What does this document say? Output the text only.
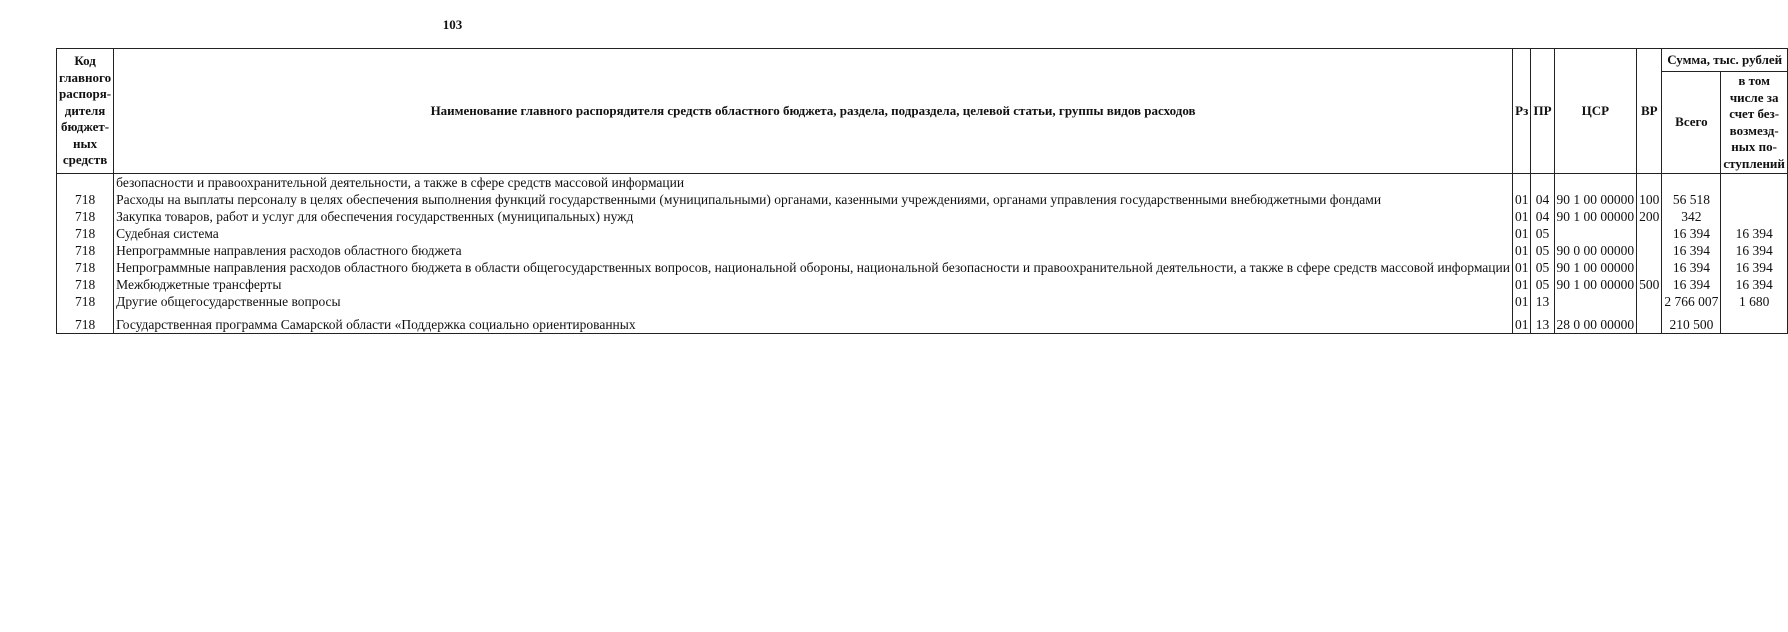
103
Код главного распоря-дителя бюджет-ных средств	Наименование главного распорядителя средств областного бюджета, раздела, подраздела, целевой статьи, группы видов расходов	Рз	ПР	ЦСР	ВР	Сумма, тыс. рублей	
						Всего	в том числе за счет без-возмезд-ных по-ступлений
	безопасности и правоохранительной деятельности, а также в сфере средств массовой информации						
718	Расходы на выплаты персоналу в целях обеспечения выполнения функций государственными (муниципальными) органами, казенными учреждениями, органами управления государственными внебюджетными фондами	01	04	90 1 00 00000	100	56 518	
718	Закупка товаров, работ и услуг для обеспечения государственных (муниципальных) нужд	01	04	90 1 00 00000	200	342	
718	Судебная система	01	05			16 394	16 394
718	Непрограммные направления расходов областного бюджета	01	05	90 0 00 00000		16 394	16 394
718	Непрограммные направления расходов областного бюджета в области общегосударственных вопросов, национальной обороны, национальной безопасности и правоохранительной деятельности, а также в сфере средств массовой информации	01	05	90 1 00 00000		16 394	16 394
718	Межбюджетные трансферты	01	05	90 1 00 00000	500	16 394	16 394
718	Другие общегосударственные вопросы	01	13			2 766 007	1 680

718	Государственная программа Самарской области «Поддержка социально ориентированных	01	13	28 0 00 00000		210 500	
